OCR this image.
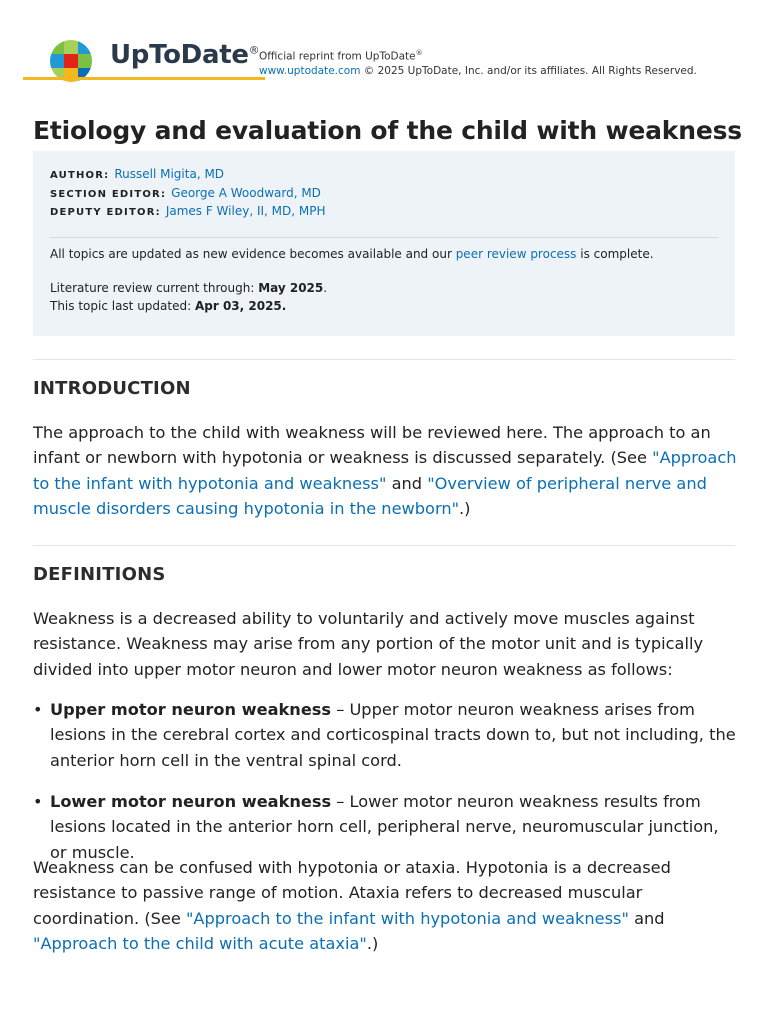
UpToDate®
Official reprint from UpToDate®
www.uptodate.com © 2025 UpToDate, Inc. and/or its affiliates. All Rights Reserved.
Etiology and evaluation of the child with weakness
AUTHOR: Russell Migita, MD
SECTION EDITOR: George A Woodward, MD
DEPUTY EDITOR: James F Wiley, II, MD, MPH
All topics are updated as new evidence becomes available and our peer review process is complete.
Literature review current through: May 2025.
This topic last updated: Apr 03, 2025.
INTRODUCTION

The approach to the child with weakness will be reviewed here. The approach to an infant or newborn with hypotonia or weakness is discussed separately. (See "Approach to the infant with hypotonia and weakness" and "Overview of peripheral nerve and muscle disorders causing hypotonia in the newborn".)

DEFINITIONS

Weakness is a decreased ability to voluntarily and actively move muscles against resistance. Weakness may arise from any portion of the motor unit and is typically divided into upper motor neuron and lower motor neuron weakness as follows:

• Upper motor neuron weakness – Upper motor neuron weakness arises from lesions in the cerebral cortex and corticospinal tracts down to, but not including, the anterior horn cell in the ventral spinal cord.
• Lower motor neuron weakness – Lower motor neuron weakness results from lesions located in the anterior horn cell, peripheral nerve, neuromuscular junction, or muscle.

Weakness can be confused with hypotonia or ataxia. Hypotonia is a decreased resistance to passive range of motion. Ataxia refers to decreased muscular coordination. (See "Approach to the infant with hypotonia and weakness" and "Approach to the child with acute ataxia".)
